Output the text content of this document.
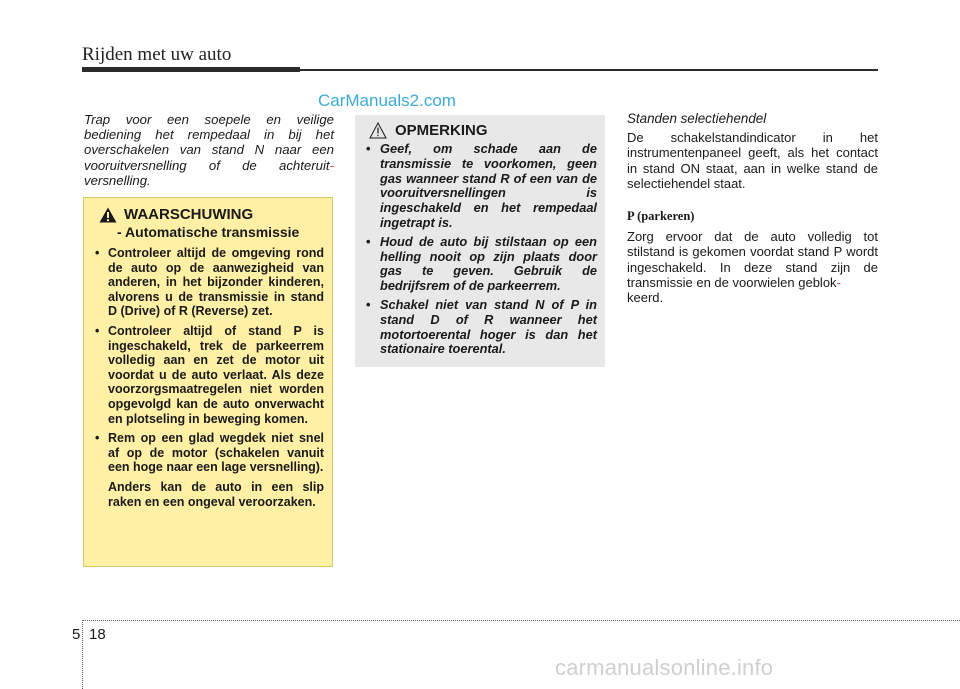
Rijden met uw auto
CarManuals2.com
Trap voor een soepele en veilige bediening het rempedaal in bij het overschakelen van stand N naar een vooruitversnelling of de achteruit- versnelling.
WAARSCHUWING
- Automatische transmissie
• Controleer altijd de omgeving rond de auto op de aanwezigheid van anderen, in het bijzonder kinderen, alvorens u de transmissie in stand D (Drive) of R (Reverse) zet.
• Controleer altijd of stand P is ingeschakeld, trek de parkeerrem volledig aan en zet de motor uit voordat u de auto verlaat. Als deze voorzorgsmaatregelen niet worden opgevolgd kan de auto onverwacht en plotseling in beweging komen.
• Rem op een glad wegdek niet snel af op de motor (schakelen vanuit een hoge naar een lage versnelling).
Anders kan de auto in een slip raken en een ongeval veroorzaken.
OPMERKING
• Geef, om schade aan de transmissie te voorkomen, geen gas wanneer stand R of een van de vooruitversnellingen is ingeschakeld en het rempedaal ingetrapt is.
• Houd de auto bij stilstaan op een helling nooit op zijn plaats door gas te geven. Gebruik de bedrijfsrem of de parkeerrem.
• Schakel niet van stand N of P in stand D of R wanneer het motortoerental hoger is dan het stationaire toerental.
Standen selectiehendel

De schakelstandindicator in het instrumentenpaneel geeft, als het contact in stand ON staat, aan in welke stand de selectiehendel staat.

P (parkeren)

Zorg ervoor dat de auto volledig tot stilstand is gekomen voordat stand P wordt ingeschakeld. In deze stand zijn de transmissie en de voorwielen geblok-
keerd.

5 18
carmanualsonline.info
